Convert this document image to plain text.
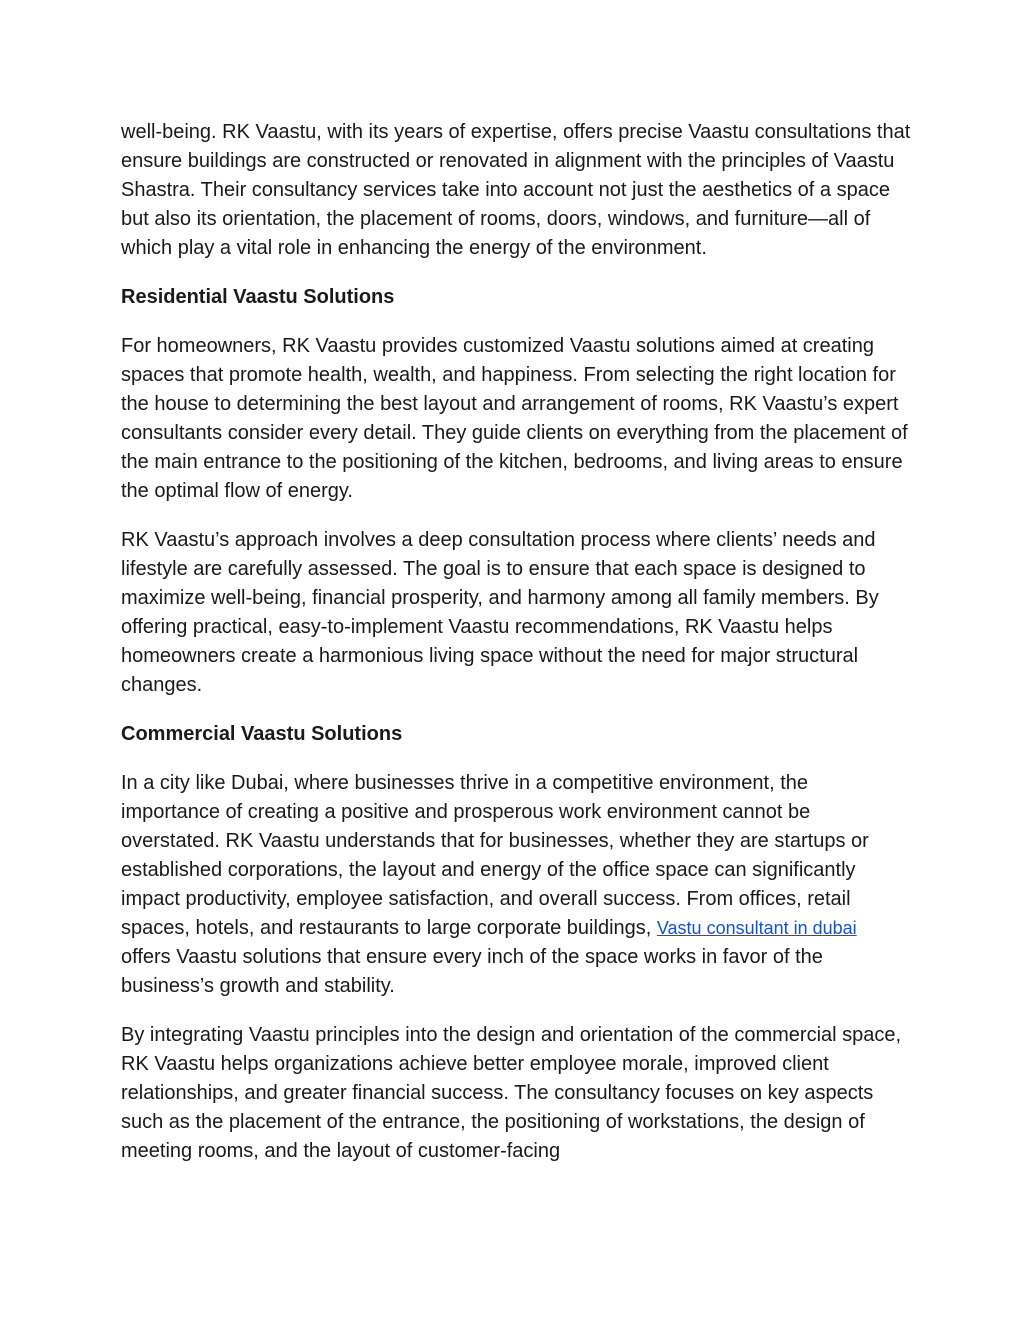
well-being. RK Vaastu, with its years of expertise, offers precise Vaastu consultations that ensure buildings are constructed or renovated in alignment with the principles of Vaastu Shastra. Their consultancy services take into account not just the aesthetics of a space but also its orientation, the placement of rooms, doors, windows, and furniture—all of which play a vital role in enhancing the energy of the environment.

Residential Vaastu Solutions

For homeowners, RK Vaastu provides customized Vaastu solutions aimed at creating spaces that promote health, wealth, and happiness. From selecting the right location for the house to determining the best layout and arrangement of rooms, RK Vaastu’s expert consultants consider every detail. They guide clients on everything from the placement of the main entrance to the positioning of the kitchen, bedrooms, and living areas to ensure the optimal flow of energy.

RK Vaastu’s approach involves a deep consultation process where clients’ needs and lifestyle are carefully assessed. The goal is to ensure that each space is designed to maximize well-being, financial prosperity, and harmony among all family members. By offering practical, easy-to-implement Vaastu recommendations, RK Vaastu helps homeowners create a harmonious living space without the need for major structural changes.

Commercial Vaastu Solutions

In a city like Dubai, where businesses thrive in a competitive environment, the importance of creating a positive and prosperous work environment cannot be overstated. RK Vaastu understands that for businesses, whether they are startups or established corporations, the layout and energy of the office space can significantly impact productivity, employee satisfaction, and overall success. From offices, retail spaces, hotels, and restaurants to large corporate buildings, Vastu consultant in dubai offers Vaastu solutions that ensure every inch of the space works in favor of the business’s growth and stability.

By integrating Vaastu principles into the design and orientation of the commercial space, RK Vaastu helps organizations achieve better employee morale, improved client relationships, and greater financial success. The consultancy focuses on key aspects such as the placement of the entrance, the positioning of workstations, the design of meeting rooms, and the layout of customer-facing
